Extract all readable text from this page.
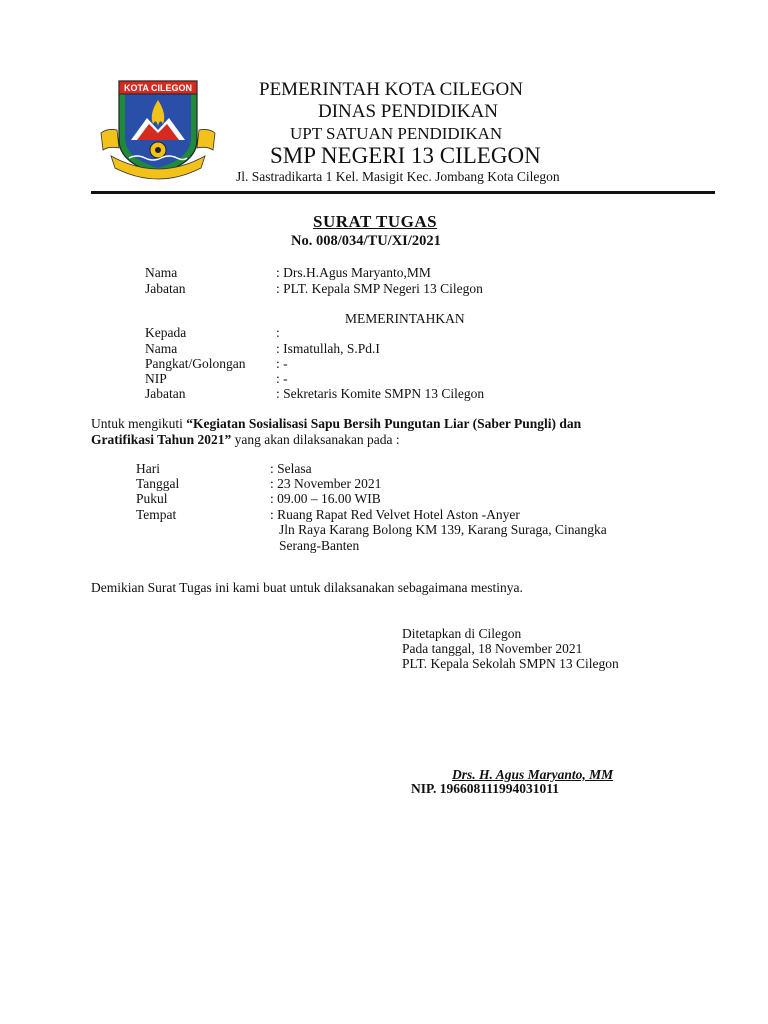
KOTA CILEGON	PEMERINTAH KOTA CILEGON
DINAS PENDIDIKAN
UPT SATUAN PENDIDIKAN
SMP NEGERI 13 CILEGON
Jl. Sastradikarta 1 Kel. Masigit Kec. Jombang Kota Cilegon
SURAT TUGAS
No. 008/034/TU/XI/2021
Nama	: Drs.H.Agus Maryanto,MM
Jabatan	: PLT. Kepala SMP Negeri 13 Cilegon
MEMERINTAHKAN
Kepada	:
Nama	: Ismatullah, S.Pd.I
Pangkat/Golongan : -
NIP	: -
Jabatan	: Sekretaris Komite SMPN 13 Cilegon
Untuk mengikuti “Kegiatan Sosialisasi Sapu Bersih Pungutan Liar (Saber Pungli) dan
Gratifikasi Tahun 2021” yang akan dilaksanakan pada :
Hari	: Selasa
Tanggal	: 23 November 2021
Pukul	: 09.00 – 16.00 WIB
Tempat	: Ruang Rapat Red Velvet Hotel Aston -Anyer
Jln Raya Karang Bolong KM 139, Karang Suraga, Cinangka
Serang-Banten
Demikian Surat Tugas ini kami buat untuk dilaksanakan sebagaimana mestinya.
Ditetapkan di Cilegon
Pada tanggal, 18 November 2021
PLT. Kepala Sekolah SMPN 13 Cilegon
Drs. H. Agus Maryanto, MM
NIP. 196608111994031011
